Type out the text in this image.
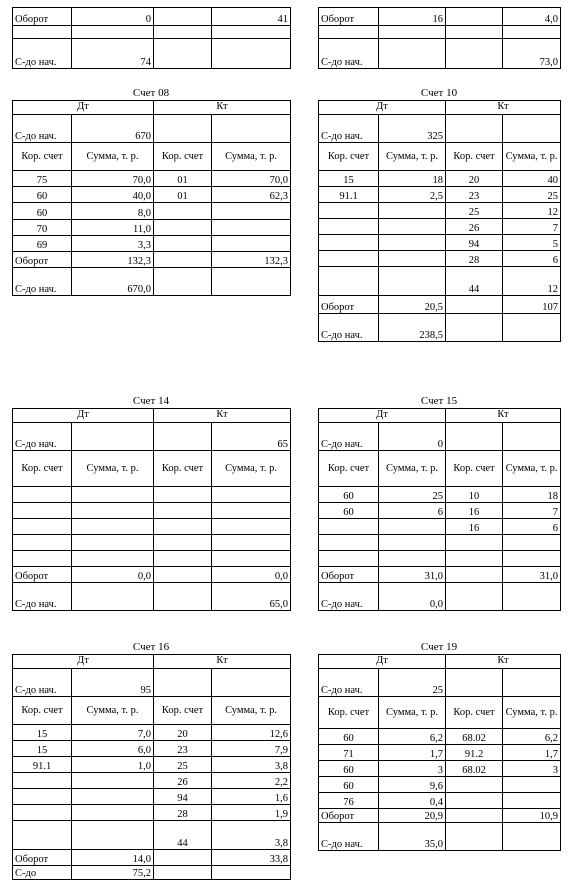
Оборот	0		41

С-до нач.	74		
Оборот	16		4,0

С-до нач.			73,0
Счет 08
Дт		Кт	
С-до нач.	670		
Кор. счет	Сумма, т. р.	Кор. счет	Сумма, т. р.
75	70,0	01	70,0
60	40,0	01	62,3
60	8,0		
70	11,0		
69	3,3		
Оборот	132,3		132,3
С-до нач.	670,0		
Счет 10
Дт		Кт	
С-до нач.	325		
Кор. счет	Сумма, т. р.	Кор. счет	Сумма, т. р.
15	18	20	40
91.1	2,5	23	25
		25	12
		26	7
		94	5
		28	6
		44	12
Оборот	20,5		107
С-до нач.	238,5		
Счет 14
Дт		Кт	
С-до нач.			65
Кор. счет	Сумма, т. р.	Кор. счет	Сумма, т. р.

Оборот	0,0		0,0
С-до нач.			65,0
Счет 15
Дт		Кт	
С-до нач.	0		
Кор. счет	Сумма, т. р.	Кор. счет	Сумма, т. р.
60	25	10	18
60	6	16	7
		16	6

Оборот	31,0		31,0
С-до нач.	0,0		
Счет 16
Дт		Кт	
С-до нач.	95		
Кор. счет	Сумма, т. р.	Кор. счет	Сумма, т. р.
15	7,0	20	12,6
15	6,0	23	7,9
91.1	1,0	25	3,8
		26	2,2
		94	1,6
		28	1,9
		44	3,8
Оборот	14,0		33,8
С-до	75,2		
Счет 19
Дт		Кт	
С-до нач.	25		
Кор. счет	Сумма, т. р.	Кор. счет	Сумма, т. р.
60	6,2	68.02	6,2
71	1,7	91.2	1,7
60	3	68.02	3
60	9,6		
76	0,4		
Оборот	20,9		10,9
С-до нач.	35,0		
